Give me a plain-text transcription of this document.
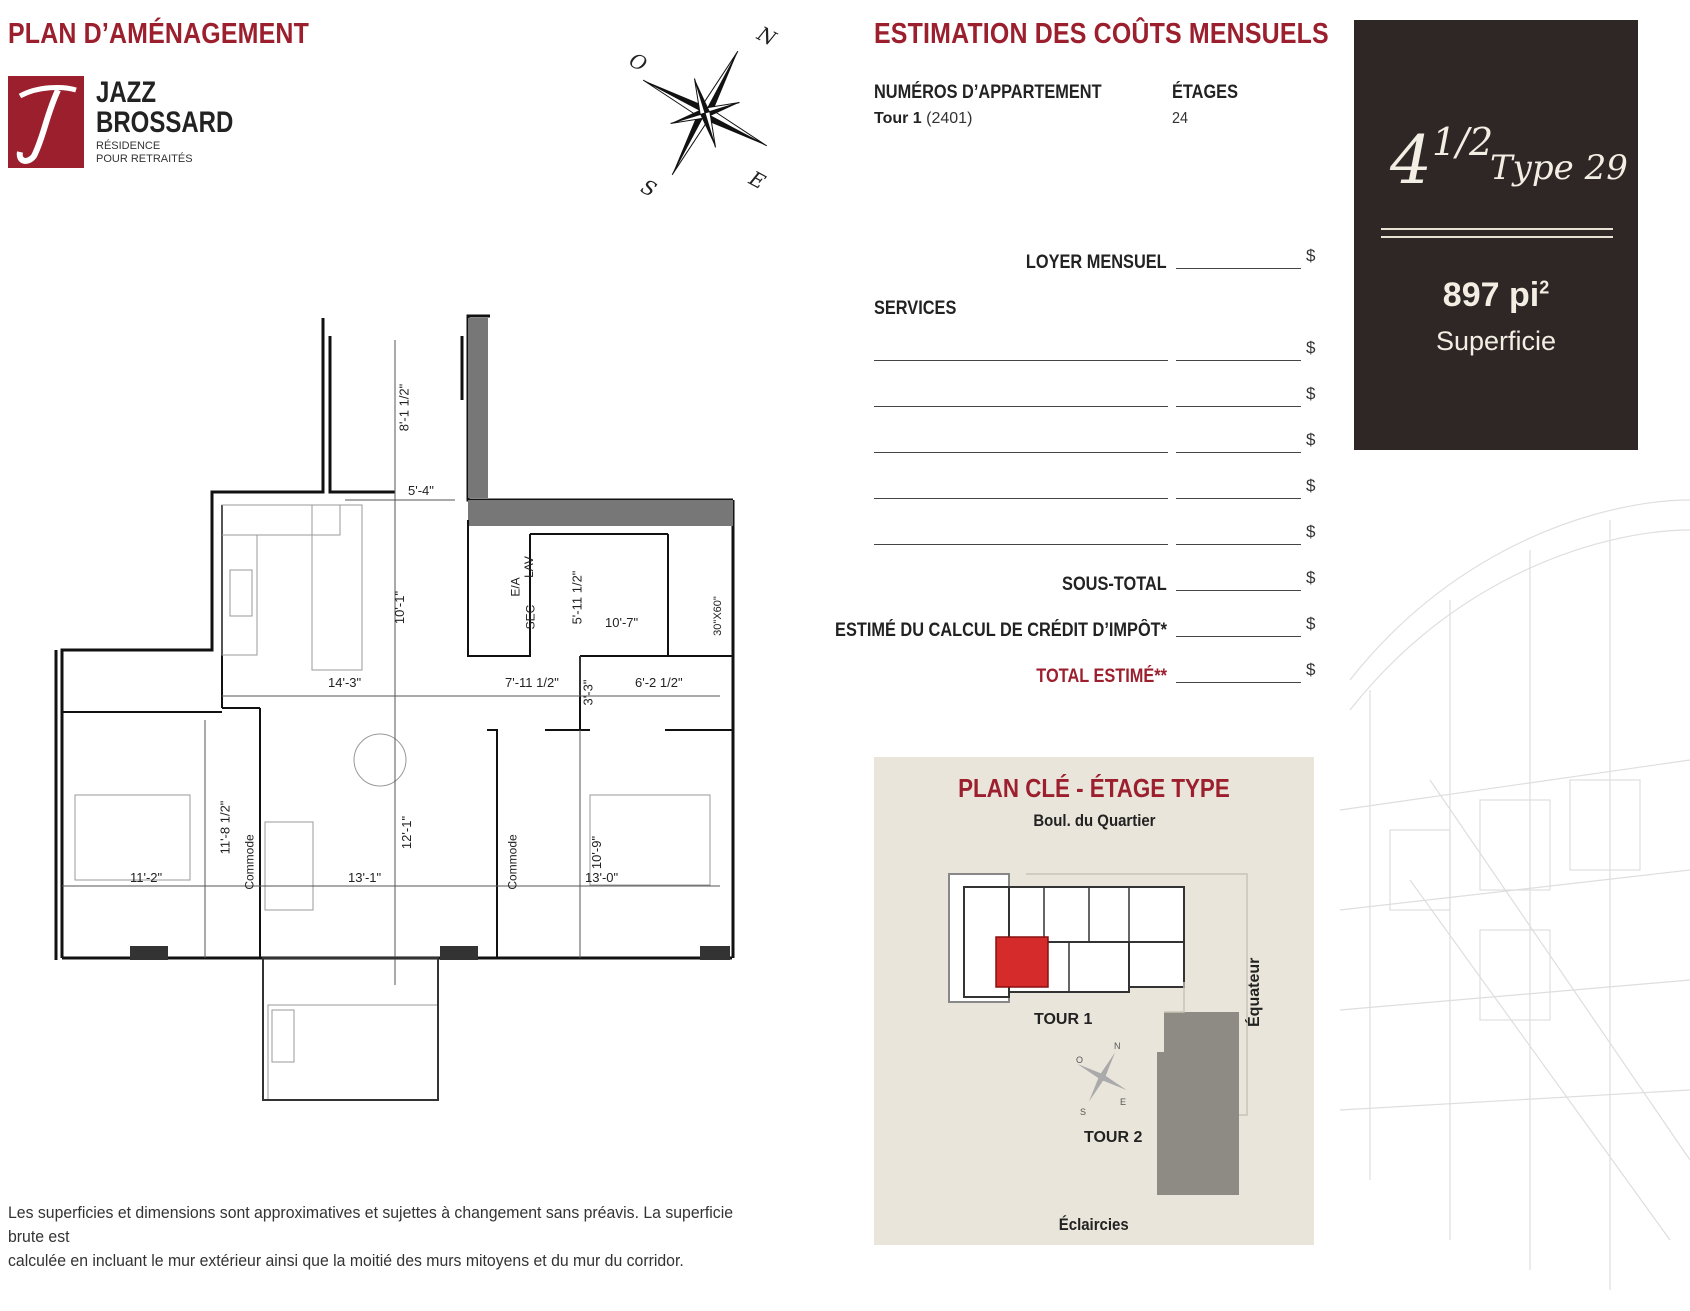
PLAN D’AMÉNAGEMENT
JAZZ
BROSSARD
RÉSIDENCE
POUR RETRAITÉS
N
O
E
S
8'-1 1/2"
5'-4"
10'-1"	5'-11 1/2" 10'-7"
14'-3"	7'-11 1/2" 3'-3"	6'-2 1/2"
11'-8 1/2"	12'-1"
10'-9"
11'-2"	13'-1"	13'-0"
Commode	Commode
E/A
SEC
LAV
30"X60"
ESTIMATION DES COÛTS MENSUELS
NUMÉROS D’APPARTEMENT
Tour 1 (2401)
ÉTAGES
24
LOYER MENSUEL	$
SERVICES
$
$
$
$
$
SOUS-TOTAL	$
ESTIMÉ DU CALCUL DE CRÉDIT D’IMPÔT*	$
TOTAL ESTIMÉ**	$
41/2
Type 29
897 $pi^2$
Superficie
PLAN CLÉ - ÉTAGE TYPE
Boul. du Quartier
TOUR 1
TOUR 2
Équateur
Éclaircies
N
O
E
S
Les superficies et dimensions sont approximatives et sujettes à changement sans préavis. La superficie brute est
calculée en incluant le mur extérieur ainsi que la moitié des murs mitoyens et du mur du corridor.
